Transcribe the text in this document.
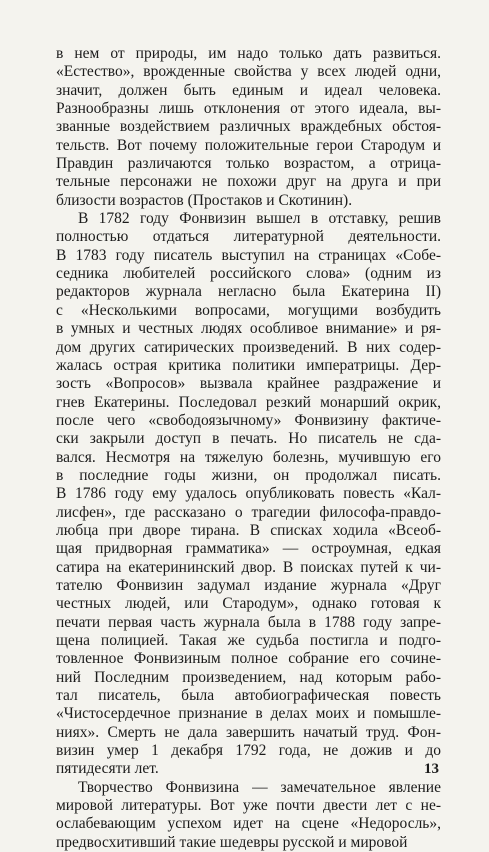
в нем от природы, им надо только дать развиться.
«Естество», врожденные свойства у всех людей одни,
значит, должен быть единым и идеал человека.
Разнообразны лишь отклонения от этого идеала, вы-
званные воздействием различных враждебных обстоя-
тельств. Вот почему положительные герои Стародум и
Правдин различаются только возрастом, а отрица-
тельные персонажи не похожи друг на друга и при
близости возрастов (Простаков и Скотинин).

В 1782 году Фонвизин вышел в отставку, решив
полностью отдаться литературной деятельности.
В 1783 году писатель выступил на страницах «Собе-
седника любителей российского слова» (одним из
редакторов журнала негласно была Екатерина II)
с «Несколькими вопросами, могущими возбудить
в умных и честных людях особливое внимание» и ря-
дом других сатирических произведений. В них содер-
жалась острая критика политики императрицы. Дер-
зость «Вопросов» вызвала крайнее раздражение и
гнев Екатерины. Последовал резкий монарший окрик,
после чего «свободоязычному» Фонвизину фактиче-
ски закрыли доступ в печать. Но писатель не сда-
вался. Несмотря на тяжелую болезнь, мучившую его
в последние годы жизни, он продолжал писать.
В 1786 году ему удалось опубликовать повесть «Кал-
лисфен», где рассказано о трагедии философа-правдо-
любца при дворе тирана. В списках ходила «Всеоб-
щая придворная грамматика» — остроумная, едкая
сатира на екатерининский двор. В поисках путей к чи-
тателю Фонвизин задумал издание журнала «Друг
честных людей, или Стародум», однако готовая к
печати первая часть журнала была в 1788 году запре-
щена полицией. Такая же судьба постигла и подго-
товленное Фонвизиным полное собрание его сочине-
ний Последним произведением, над которым рабо-
тал писатель, была автобиографическая повесть
«Чистосердечное признание в делах моих и помышле-
ниях». Смерть не дала завершить начатый труд. Фон-
визин умер 1 декабря 1792 года, не дожив и до
пятидесяти лет.

Творчество Фонвизина — замечательное явление
мировой литературы. Вот уже почти двести лет с не-
ослабевающим успехом идет на сцене «Недоросль»,
предвосхитивший такие шедевры русской и мировой

13
